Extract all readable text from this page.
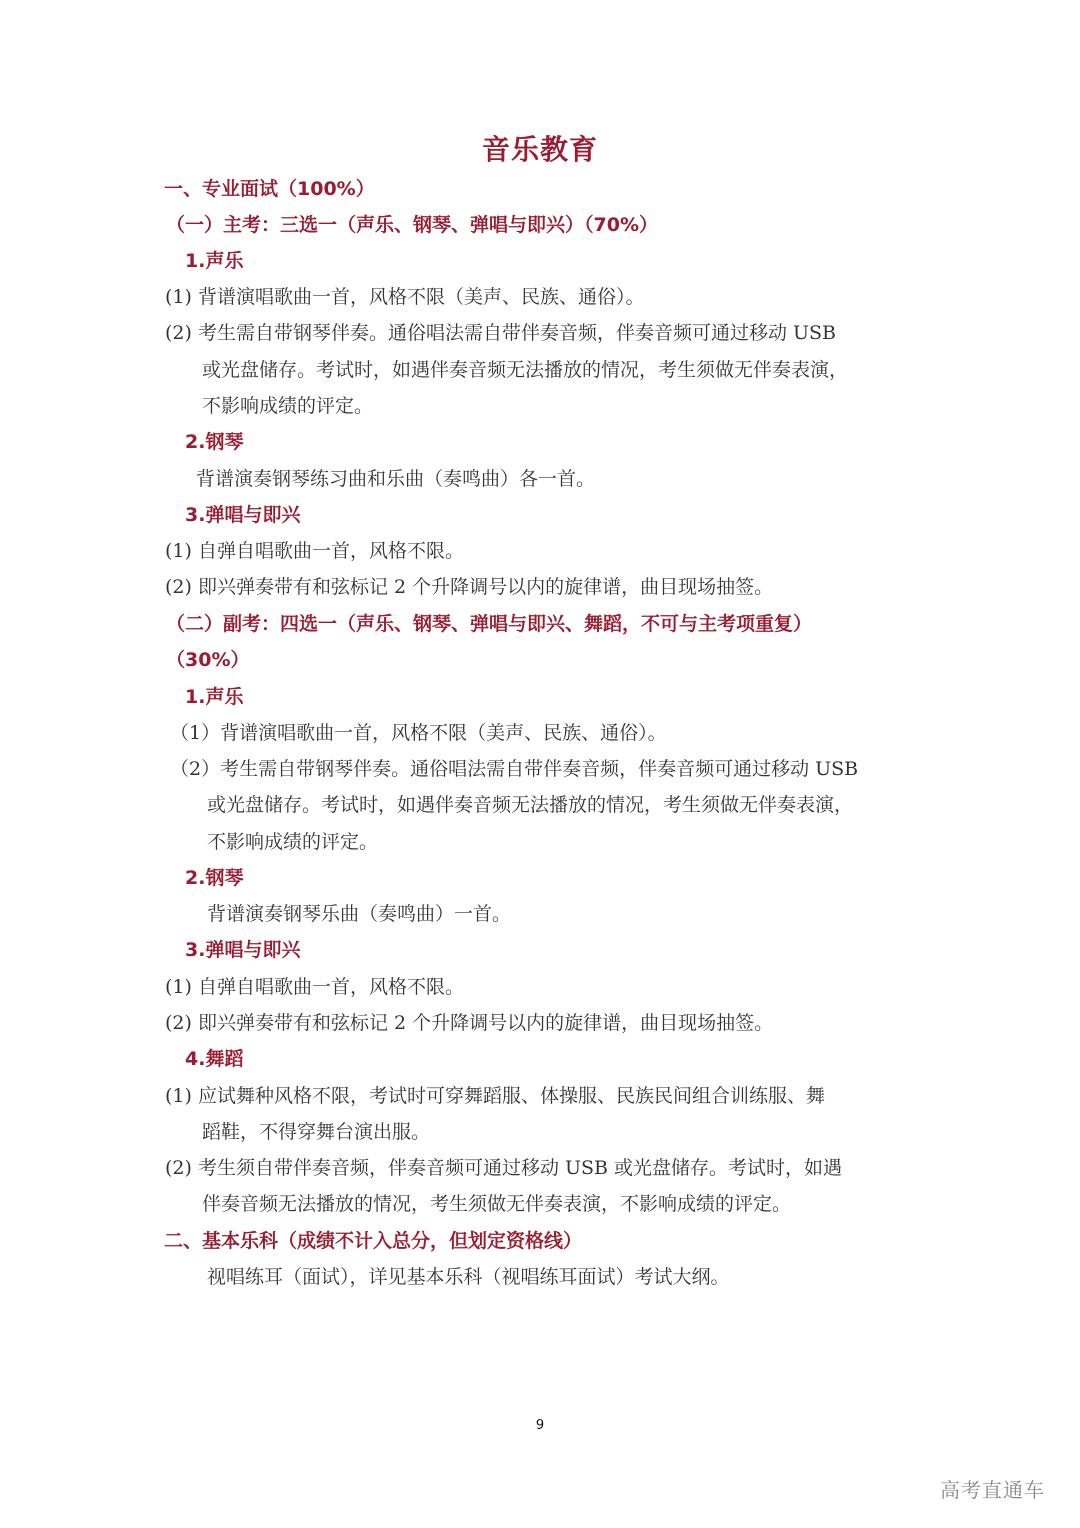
音乐教育
一、专业面试（100%）
（一）主考：三选一（声乐、钢琴、弹唱与即兴）（70%）
1.声乐
(1) 背谱演唱歌曲一首，风格不限（美声、民族、通俗）。
(2) 考生需自带钢琴伴奏。通俗唱法需自带伴奏音频，伴奏音频可通过移动 USB
或光盘储存。考试时，如遇伴奏音频无法播放的情况，考生须做无伴奏表演，
不影响成绩的评定。
2.钢琴
背谱演奏钢琴练习曲和乐曲（奏鸣曲）各一首。
3.弹唱与即兴
(1) 自弹自唱歌曲一首，风格不限。
(2) 即兴弹奏带有和弦标记 2 个升降调号以内的旋律谱，曲目现场抽签。
（二）副考：四选一（声乐、钢琴、弹唱与即兴、舞蹈，不可与主考项重复）
（30%）
1.声乐
（1）背谱演唱歌曲一首，风格不限（美声、民族、通俗）。
（2）考生需自带钢琴伴奏。通俗唱法需自带伴奏音频，伴奏音频可通过移动 USB
或光盘储存。考试时，如遇伴奏音频无法播放的情况，考生须做无伴奏表演，
不影响成绩的评定。
2.钢琴
背谱演奏钢琴乐曲（奏鸣曲）一首。
3.弹唱与即兴
(1) 自弹自唱歌曲一首，风格不限。
(2) 即兴弹奏带有和弦标记 2 个升降调号以内的旋律谱，曲目现场抽签。
4.舞蹈
(1) 应试舞种风格不限，考试时可穿舞蹈服、体操服、民族民间组合训练服、舞
蹈鞋，不得穿舞台演出服。
(2) 考生须自带伴奏音频，伴奏音频可通过移动 USB 或光盘储存。考试时，如遇
伴奏音频无法播放的情况，考生须做无伴奏表演，不影响成绩的评定。
二、基本乐科（成绩不计入总分，但划定资格线）
视唱练耳（面试），详见基本乐科（视唱练耳面试）考试大纲。
9
高考直通车
